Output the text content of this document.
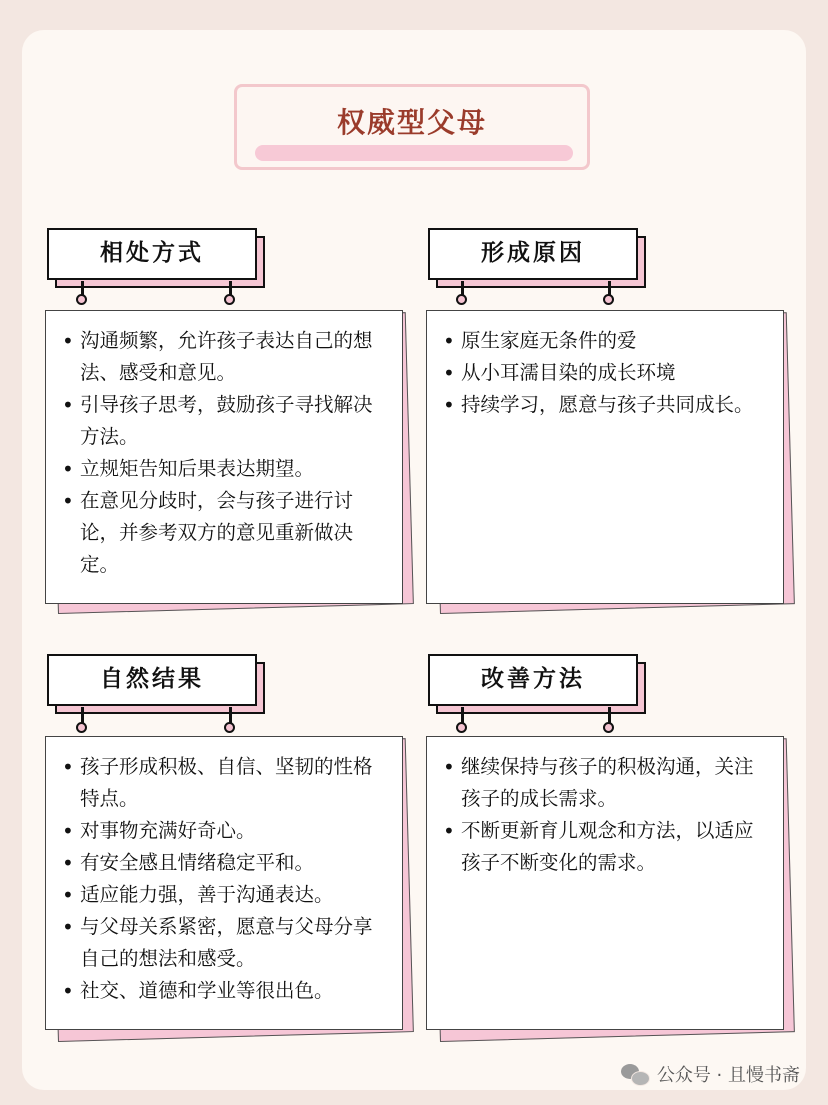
权威型父母
相处方式
• 沟通频繁，允许孩子表达自己的想法、感受和意见。
• 引导孩子思考，鼓励孩子寻找解决方法。
• 立规矩告知后果表达期望。
• 在意见分歧时，会与孩子进行讨论，并参考双方的意见重新做决定。
形成原因
• 原生家庭无条件的爱
• 从小耳濡目染的成长环境
• 持续学习，愿意与孩子共同成长。
自然结果
• 孩子形成积极、自信、坚韧的性格特点。
• 对事物充满好奇心。
• 有安全感且情绪稳定平和。
• 适应能力强，善于沟通表达。
• 与父母关系紧密，愿意与父母分享自己的想法和感受。
• 社交、道德和学业等很出色。
改善方法
• 继续保持与孩子的积极沟通，关注孩子的成长需求。
• 不断更新育儿观念和方法，以适应孩子不断变化的需求。
公众号 · 且慢书斋
